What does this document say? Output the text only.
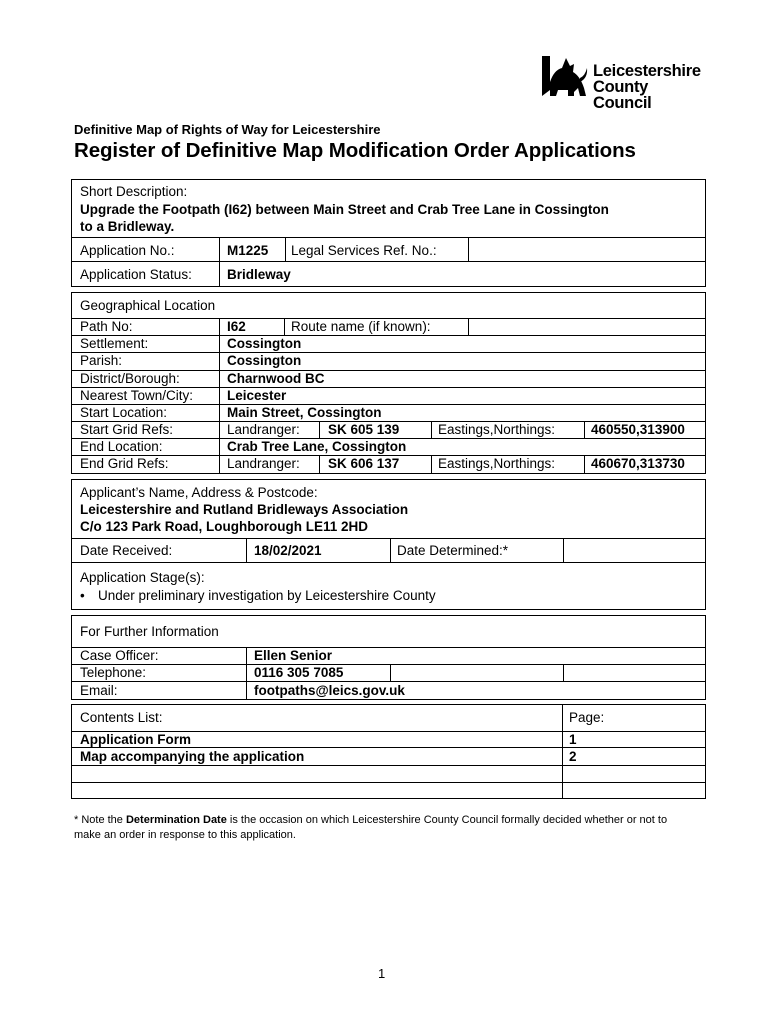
Leicestershire
County Council
Definitive Map of Rights of Way for Leicestershire
Register of Definitive Map Modification Order Applications
Short Description:
Upgrade the Footpath (I62) between Main Street and Crab Tree Lane in Cossington
to a Bridleway.
Application No.:	M1225 Legal Services Ref. No.:
Application Status:	Bridleway
Geographical Location
Path No:	I62	Route name (if known):
Settlement:	Cossington
Parish:	Cossington
District/Borough:	Charnwood BC
Nearest Town/City:	Leicester
Start Location:	Main Street, Cossington
Start Grid Refs:	Landranger: SK 605 139	Eastings,Northings:	460550,313900
End Location:	Crab Tree Lane, Cossington
End Grid Refs:	Landranger: SK 606 137	Eastings,Northings:	460670,313730
Applicant’s Name, Address & Postcode:
Leicestershire and Rutland Bridleways Association
C/o 123 Park Road, Loughborough LE11 2HD
Date Received:	18/02/2021	Date Determined:*
Application Stage(s):
• Under preliminary investigation by Leicestershire County
For Further Information
Case Officer:	Ellen Senior
Telephone:	0116 305 7085
Email:	footpaths@leics.gov.uk
Contents List:	Page:
Application Form	1
Map accompanying the application	2
* Note the Determination Date is the occasion on which Leicestershire County Council formally decided whether or not to make an order in response to this application.
1
